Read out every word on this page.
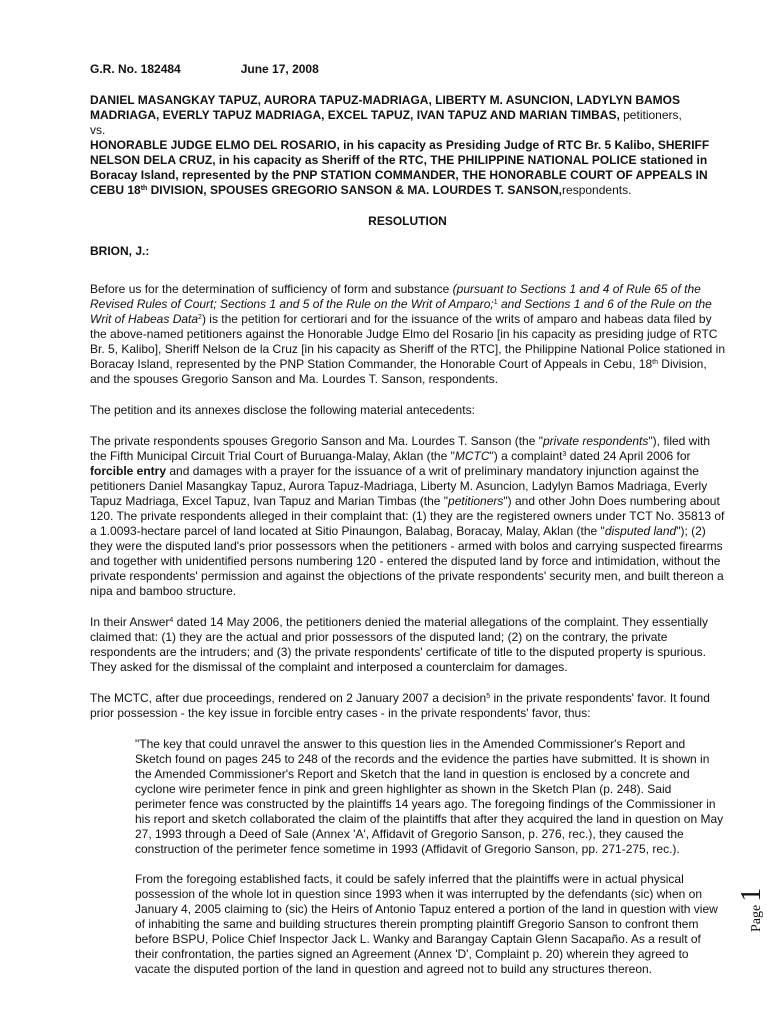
G.R. No. 182484	June 17, 2008

DANIEL MASANGKAY TAPUZ, AURORA TAPUZ-MADRIAGA, LIBERTY M. ASUNCION, LADYLYN BAMOS MADRIAGA, EVERLY TAPUZ MADRIAGA, EXCEL TAPUZ, IVAN TAPUZ AND MARIAN TIMBAS, petitioners,

vs.

HONORABLE JUDGE ELMO DEL ROSARIO, in his capacity as Presiding Judge of RTC Br. 5 Kalibo, SHERIFF NELSON DELA CRUZ, in his capacity as Sheriff of the RTC, THE PHILIPPINE NATIONAL POLICE stationed in Boracay Island, represented by the PNP STATION COMMANDER, THE HONORABLE COURT OF APPEALS IN CEBU 18th DIVISION, SPOUSES GREGORIO SANSON & MA. LOURDES T. SANSON,respondents.

RESOLUTION

BRION, J.:

Before us for the determination of sufficiency of form and substance (pursuant to Sections 1 and 4 of Rule 65 of the Revised Rules of Court; Sections 1 and 5 of the Rule on the Writ of Amparo;$^1$ and Sections 1 and 6 of the Rule on the Writ of Habeas Data$^2$) is the petition for certiorari and for the issuance of the writs of amparo and habeas data filed by the above-named petitioners against the Honorable Judge Elmo del Rosario [in his capacity as presiding judge of RTC Br. 5, Kalibo], Sheriff Nelson de la Cruz [in his capacity as Sheriff of the RTC], the Philippine National Police stationed in Boracay Island, represented by the PNP Station Commander, the Honorable Court of Appeals in Cebu, 18th Division, and the spouses Gregorio Sanson and Ma. Lourdes T. Sanson, respondents.

The petition and its annexes disclose the following material antecedents:

The private respondents spouses Gregorio Sanson and Ma. Lourdes T. Sanson (the "private respondents"), filed with the Fifth Municipal Circuit Trial Court of Buruanga-Malay, Aklan (the "MCTC") a complaint$^3$ dated 24 April 2006 for forcible entry and damages with a prayer for the issuance of a writ of preliminary mandatory injunction against the petitioners Daniel Masangkay Tapuz, Aurora Tapuz-Madriaga, Liberty M. Asuncion, Ladylyn Bamos Madriaga, Everly Tapuz Madriaga, Excel Tapuz, Ivan Tapuz and Marian Timbas (the "petitioners") and other John Does numbering about 120. The private respondents alleged in their complaint that: (1) they are the registered owners under TCT No. 35813 of a 1.0093-hectare parcel of land located at Sitio Pinaungon, Balabag, Boracay, Malay, Aklan (the "disputed land"); (2) they were the disputed land's prior possessors when the petitioners - armed with bolos and carrying suspected firearms and together with unidentified persons numbering 120 - entered the disputed land by force and intimidation, without the private respondents' permission and against the objections of the private respondents' security men, and built thereon a nipa and bamboo structure.

In their Answer$^4$ dated 14 May 2006, the petitioners denied the material allegations of the complaint. They essentially claimed that: (1) they are the actual and prior possessors of the disputed land; (2) on the contrary, the private respondents are the intruders; and (3) the private respondents' certificate of title to the disputed property is spurious. They asked for the dismissal of the complaint and interposed a counterclaim for damages.

The MCTC, after due proceedings, rendered on 2 January 2007 a decision$^5$ in the private respondents' favor. It found prior possession - the key issue in forcible entry cases - in the private respondents' favor, thus:

"The key that could unravel the answer to this question lies in the Amended Commissioner's Report and Sketch found on pages 245 to 248 of the records and the evidence the parties have submitted. It is shown in the Amended Commissioner's Report and Sketch that the land in question is enclosed by a concrete and cyclone wire perimeter fence in pink and green highlighter as shown in the Sketch Plan (p. 248). Said perimeter fence was constructed by the plaintiffs 14 years ago. The foregoing findings of the Commissioner in his report and sketch collaborated the claim of the plaintiffs that after they acquired the land in question on May 27, 1993 through a Deed of Sale (Annex 'A', Affidavit of Gregorio Sanson, p. 276, rec.), they caused the construction of the perimeter fence sometime in 1993 (Affidavit of Gregorio Sanson, pp. 271-275, rec.).

From the foregoing established facts, it could be safely inferred that the plaintiffs were in actual physical possession of the whole lot in question since 1993 when it was interrupted by the defendants (sic) when on January 4, 2005 claiming to (sic) the Heirs of Antonio Tapuz entered a portion of the land in question with view of inhabiting the same and building structures therein prompting plaintiff Gregorio Sanson to confront them before BSPU, Police Chief Inspector Jack L. Wanky and Barangay Captain Glenn Sacapaño. As a result of their confrontation, the parties signed an Agreement (Annex 'D', Complaint p. 20) wherein they agreed to vacate the disputed portion of the land in question and agreed not to build any structures thereon.

Page
1
